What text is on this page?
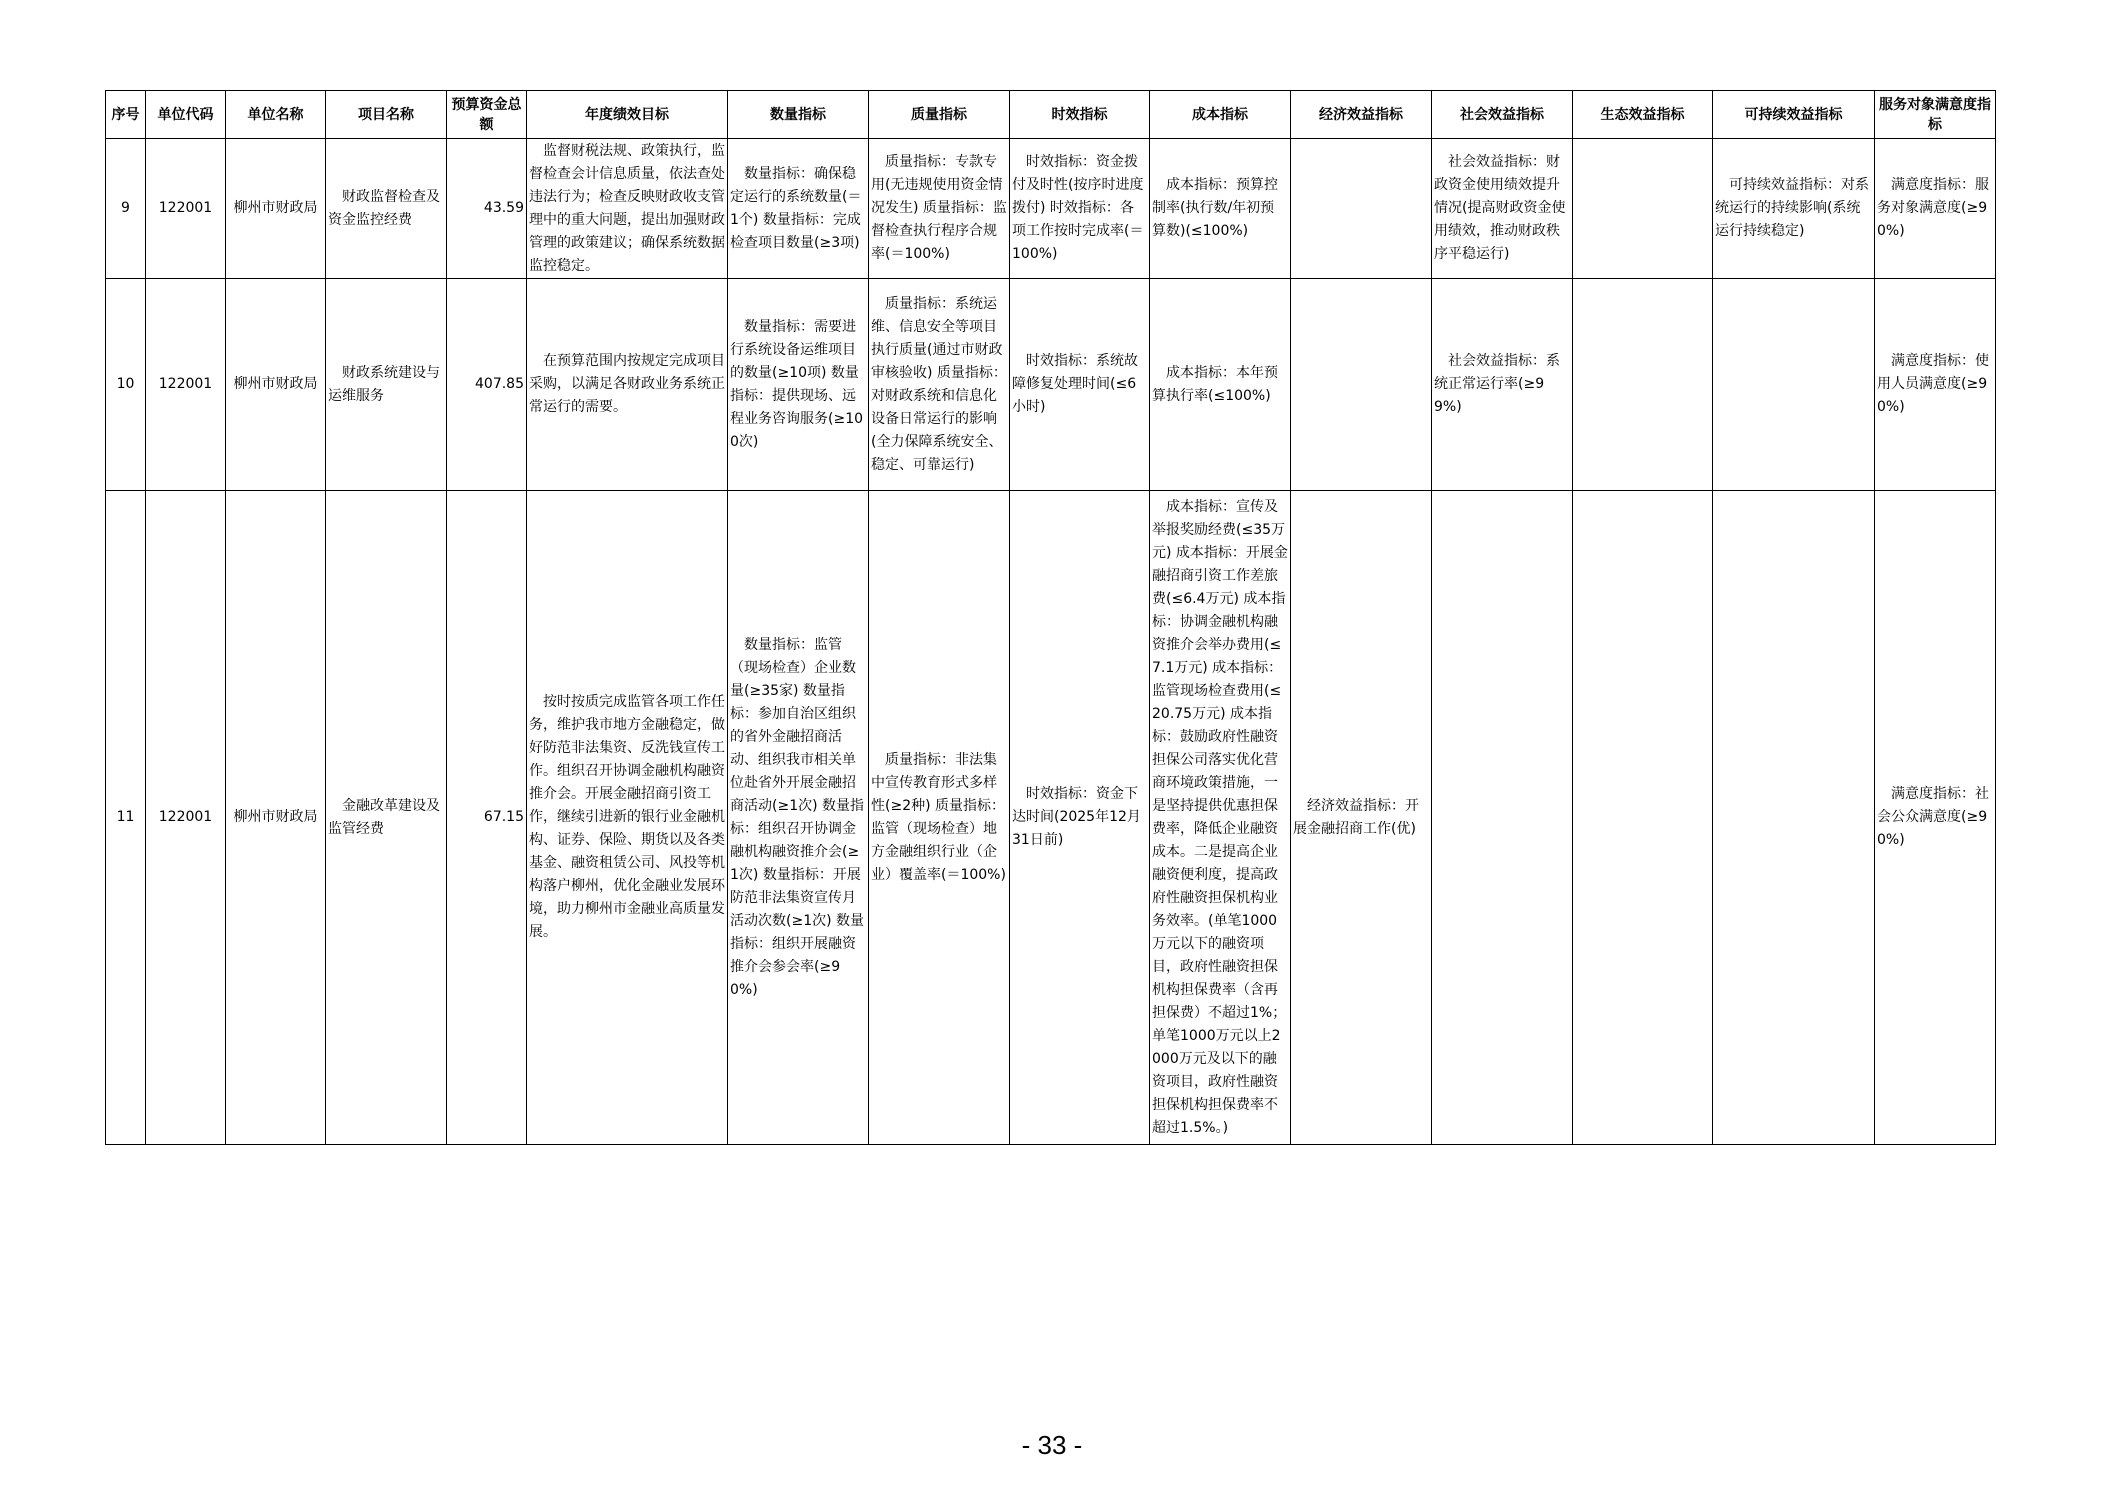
序号	单位代码	单位名称	项目名称	预算资金总额	年度绩效目标	数量指标	质量指标	时效指标	成本指标	经济效益指标	社会效益指标	生态效益指标	可持续效益指标	服务对象满意度指标
9	122001	柳州市财政局	财政监督检查及资金监控经费	43.59	监督财税法规、政策执行，监督检查会计信息质量，依法查处违法行为；检查反映财政收支管理中的重大问题，提出加强财政管理的政策建议；确保系统数据监控稳定。	数量指标：确保稳定运行的系统数量(＝1个) 数量指标：完成检查项目数量(≥3项)	质量指标：专款专用(无违规使用资金情况发生) 质量指标：监督检查执行程序合规率(＝100%)	时效指标：资金拨付及时性(按序时进度拨付) 时效指标：各项工作按时完成率(＝100%)	成本指标：预算控制率(执行数/年初预算数)(≤100%)		社会效益指标：财政资金使用绩效提升情况(提高财政资金使用绩效，推动财政秩序平稳运行)		可持续效益指标：对系统运行的持续影响(系统运行持续稳定)	满意度指标：服务对象满意度(≥90%)
10	122001	柳州市财政局	财政系统建设与运维服务	407.85	在预算范围内按规定完成项目采购，以满足各财政业务系统正常运行的需要。	数量指标：需要进行系统设备运维项目的数量(≥10项) 数量指标：提供现场、远程业务咨询服务(≥100次)	质量指标：系统运维、信息安全等项目执行质量(通过市财政审核验收) 质量指标：对财政系统和信息化设备日常运行的影响(全力保障系统安全、稳定、可靠运行)	时效指标：系统故障修复处理时间(≤6小时)	成本指标：本年预算执行率(≤100%)		社会效益指标：系统正常运行率(≥99%)			满意度指标：使用人员满意度(≥90%)
11	122001	柳州市财政局	金融改革建设及监管经费	67.15	按时按质完成监管各项工作任务，维护我市地方金融稳定，做好防范非法集资、反洗钱宣传工作。组织召开协调金融机构融资推介会。开展金融招商引资工作，继续引进新的银行业金融机构、证券、保险、期货以及各类基金、融资租赁公司、风投等机构落户柳州，优化金融业发展环境，助力柳州市金融业高质量发展。	数量指标：监管（现场检查）企业数量(≥35家) 数量指标：参加自治区组织的省外金融招商活动、组织我市相关单位赴省外开展金融招商活动(≥1次) 数量指标：组织召开协调金融机构融资推介会(≥1次) 数量指标：开展防范非法集资宣传月活动次数(≥1次) 数量指标：组织开展融资推介会参会率(≥90%)	质量指标：非法集中宣传教育形式多样性(≥2种) 质量指标：监管（现场检查）地方金融组织行业（企业）覆盖率(＝100%)	时效指标：资金下达时间(2025年12月31日前)	成本指标：宣传及举报奖励经费(≤35万元) 成本指标：开展金融招商引资工作差旅费(≤6.4万元) 成本指标：协调金融机构融资推介会举办费用(≤7.1万元) 成本指标：监管现场检查费用(≤20.75万元) 成本指标：鼓励政府性融资担保公司落实优化营商环境政策措施，一是坚持提供优惠担保费率，降低企业融资成本。二是提高企业融资便利度，提高政府性融资担保机构业务效率。(单笔1000万元以下的融资项目，政府性融资担保机构担保费率（含再担保费）不超过1%；单笔1000万元以上2000万元及以下的融资项目，政府性融资担保机构担保费率不超过1.5%。)	经济效益指标：开展金融招商工作(优)				满意度指标：社会公众满意度(≥90%)
- 33 -
